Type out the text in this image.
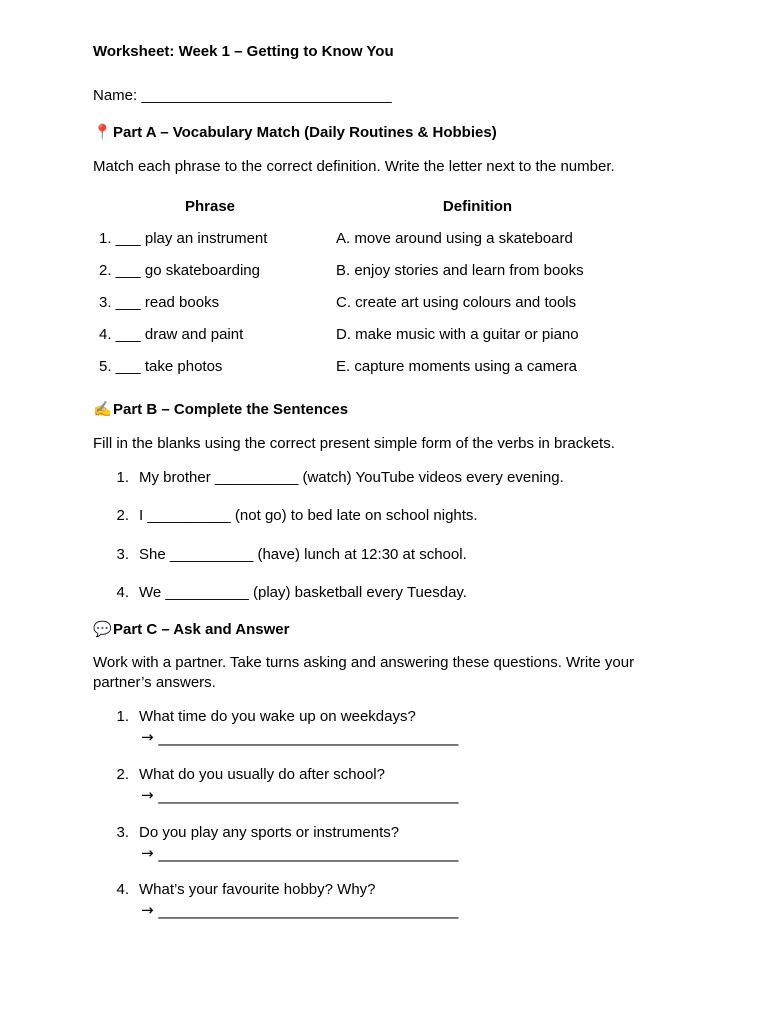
Worksheet: Week 1 – Getting to Know You
Name: ______________________________
📍Part A – Vocabulary Match (Daily Routines & Hobbies)
Match each phrase to the correct definition. Write the letter next to the number.
Phrase	Definition
1. ___ play an instrument	A. move around using a skateboard
2. ___ go skateboarding	B. enjoy stories and learn from books
3. ___ read books	C. create art using colours and tools
4. ___ draw and paint	D. make music with a guitar or piano
5. ___ take photos	E. capture moments using a camera
✍️Part B – Complete the Sentences
Fill in the blanks using the correct present simple form of the verbs in brackets.
1. My brother __________ (watch) YouTube videos every evening.
2. I __________ (not go) to bed late on school nights.
3. She __________ (have) lunch at 12:30 at school.
4. We __________ (play) basketball every Tuesday.
💬Part C – Ask and Answer
Work with a partner. Take turns asking and answering these questions. Write your
partner’s answers.
1. What time do you wake up on weekdays?
→ ________________________________________
2. What do you usually do after school?
→ ________________________________________
3. Do you play any sports or instruments?
→ ________________________________________
4. What’s your favourite hobby? Why?
→ ________________________________________
